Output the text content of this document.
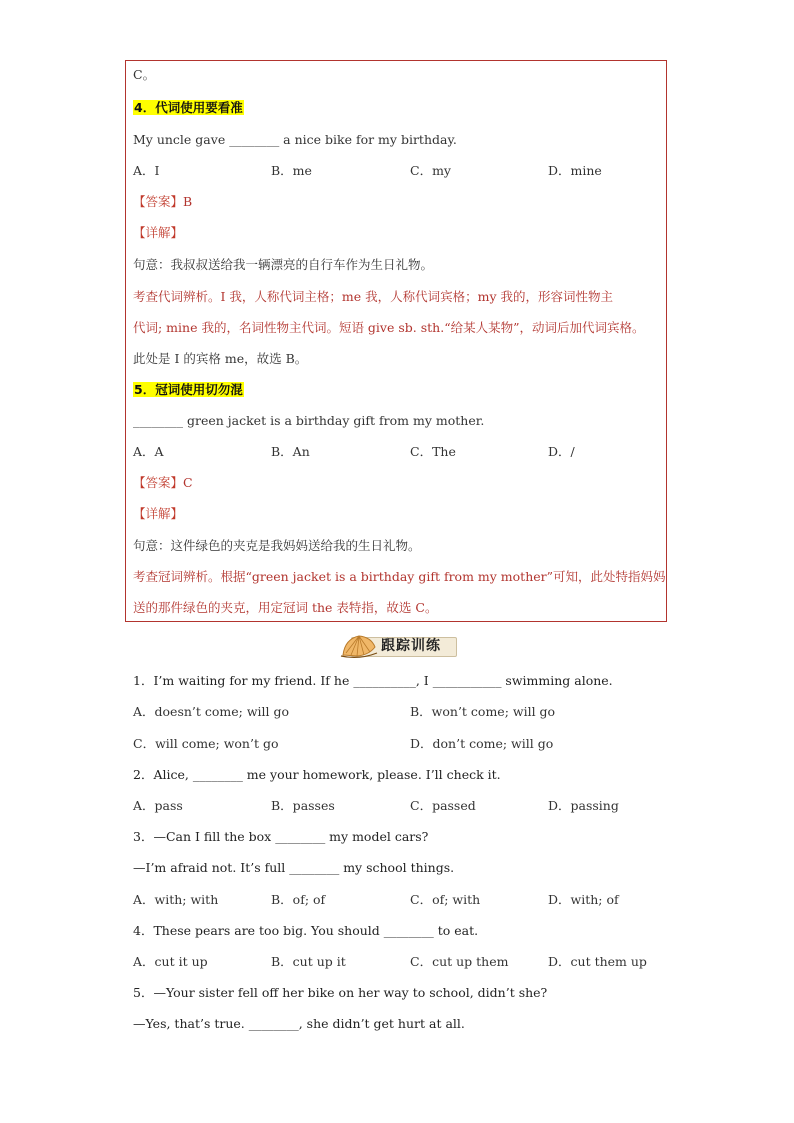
C。
4．代词使用要看准
My uncle gave ________ a nice bike for my birthday.
A．I	B．me	C．my	D．mine
【答案】B
【详解】
句意：我叔叔送给我一辆漂亮的自行车作为生日礼物。
考查代词辨析。I 我，人称代词主格；me 我，人称代词宾格；my 我的，形容词性物主
代词; mine 我的，名词性物主代词。短语 give sb. sth.“给某人某物”，动词后加代词宾格。
此处是 I 的宾格 me，故选 B。
5．冠词使用切勿混
________ green jacket is a birthday gift from my mother.
A．A	B．An	C．The	D．/
【答案】C
【详解】
句意：这件绿色的夹克是我妈妈送给我的生日礼物。
考查冠词辨析。根据“green jacket is a birthday gift from my mother”可知，此处特指妈妈
送的那件绿色的夹克，用定冠词 the 表特指，故选 C。
跟踪训练
1．I’m waiting for my friend. If he __________, I ___________ swimming alone.
A．doesn’t come; will go	B．won’t come; will go
C．will come; won’t go	D．don’t come; will go
2．Alice, ________ me your homework, please. I’ll check it.
A．pass	B．passes	C．passed	D．passing
3．—Can I fill the box ________ my model cars?
—I’m afraid not. It’s full ________ my school things.
A．with; with	B．of; of	C．of; with	D．with; of
4．These pears are too big. You should ________ to eat.
A．cut it up	B．cut up it	C．cut up them	D．cut them up
5．—Your sister fell off her bike on her way to school, didn’t she?
—Yes, that’s true. ________, she didn’t get hurt at all.
